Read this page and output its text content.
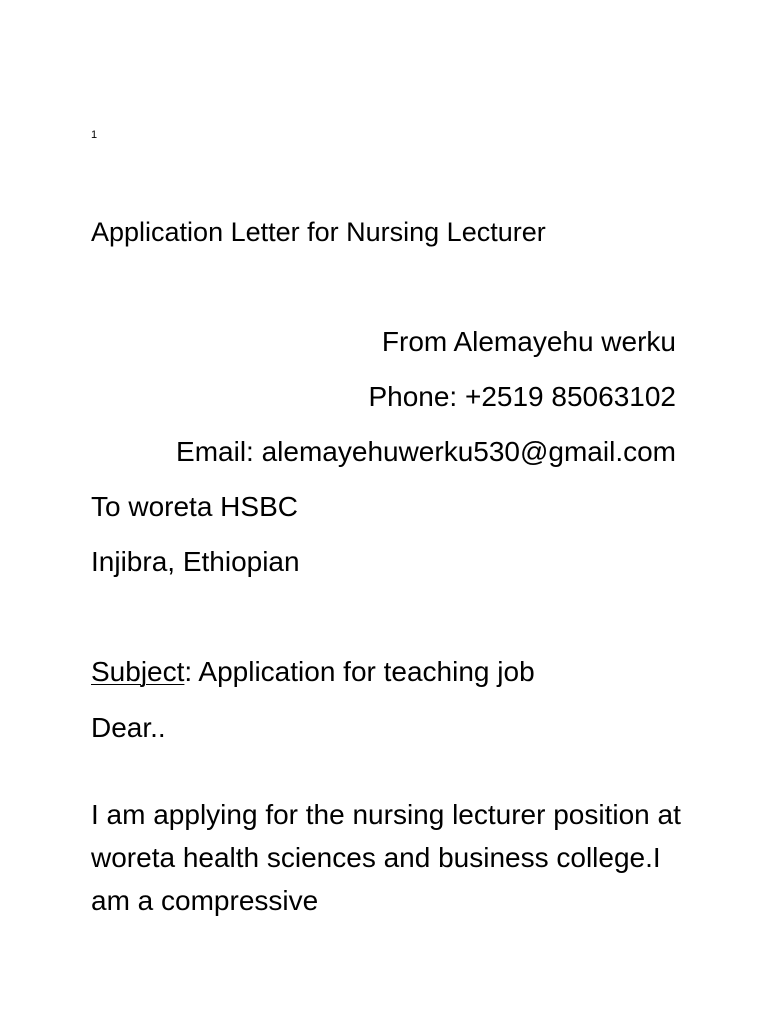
1
Application Letter for Nursing Lecturer
From Alemayehu werku
Phone: +2519 85063102
Email: alemayehuwerku530@gmail.com
To woreta HSBC
Injibra, Ethiopian
Subject: Application for teaching job
Dear..

I am applying for the nursing lecturer position at woreta health sciences and business college.I am a compressive
